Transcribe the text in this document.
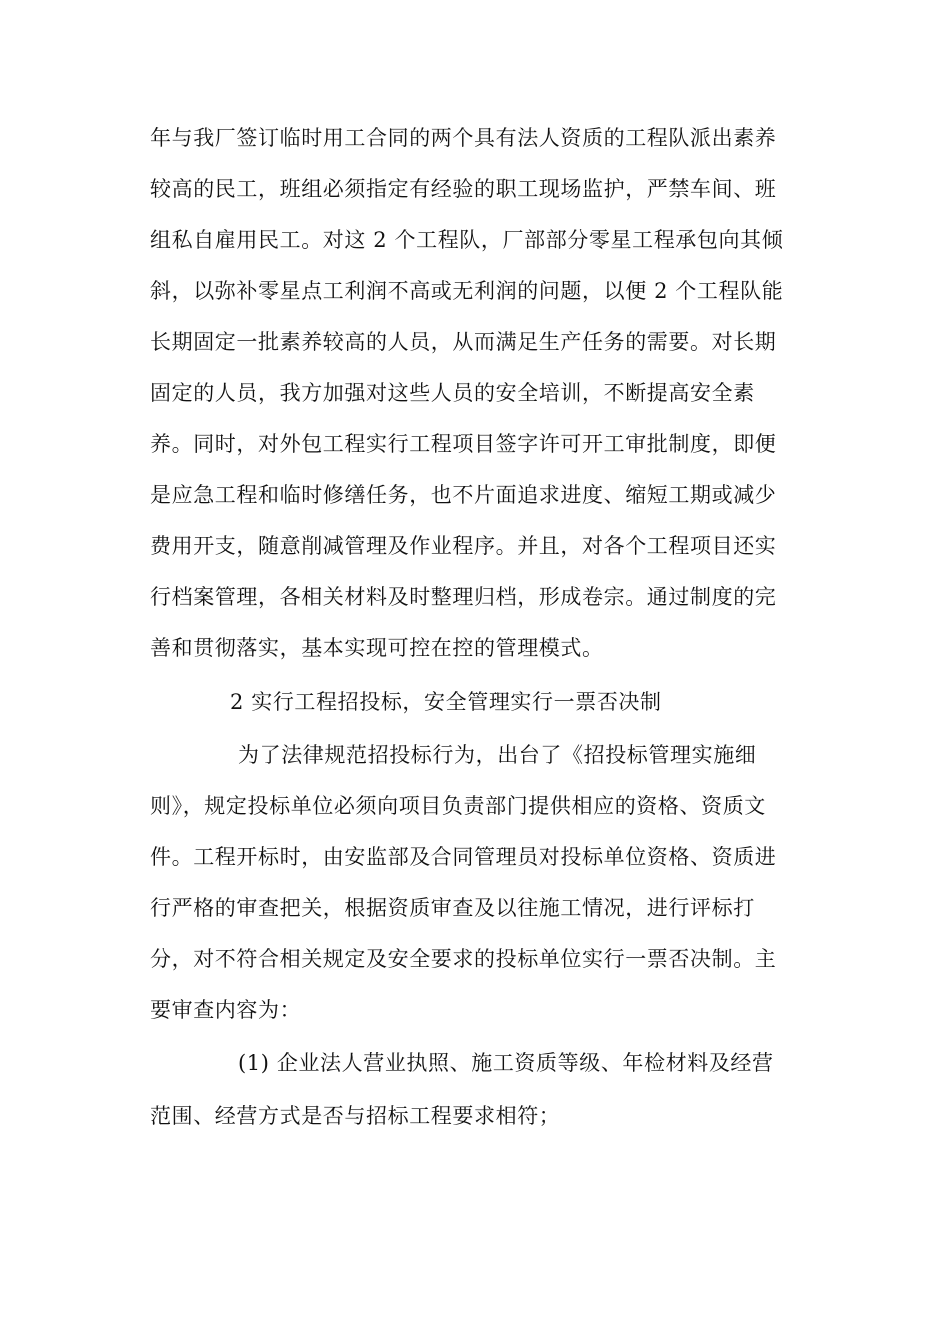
年与我厂签订临时用工合同的两个具有法人资质的工程队派出素养
较高的民工，班组必须指定有经验的职工现场监护，严禁车间、班
组私自雇用民工。对这 2 个工程队，厂部部分零星工程承包向其倾
斜，以弥补零星点工利润不高或无利润的问题，以便 2 个工程队能
长期固定一批素养较高的人员，从而满足生产任务的需要。对长期
固定的人员，我方加强对这些人员的安全培训，不断提高安全素
养。同时，对外包工程实行工程项目签字许可开工审批制度，即便
是应急工程和临时修缮任务，也不片面追求进度、缩短工期或减少
费用开支，随意削减管理及作业程序。并且，对各个工程项目还实
行档案管理，各相关材料及时整理归档，形成卷宗。通过制度的完
善和贯彻落实，基本实现可控在控的管理模式。
2 实行工程招投标，安全管理实行一票否决制
为了法律规范招投标行为，出台了《招投标管理实施细
则》，规定投标单位必须向项目负责部门提供相应的资格、资质文
件。工程开标时，由安监部及合同管理员对投标单位资格、资质进
行严格的审查把关，根据资质审查及以往施工情况，进行评标打
分，对不符合相关规定及安全要求的投标单位实行一票否决制。主
要审查内容为：
(1) 企业法人营业执照、施工资质等级、年检材料及经营
范围、经营方式是否与招标工程要求相符；
